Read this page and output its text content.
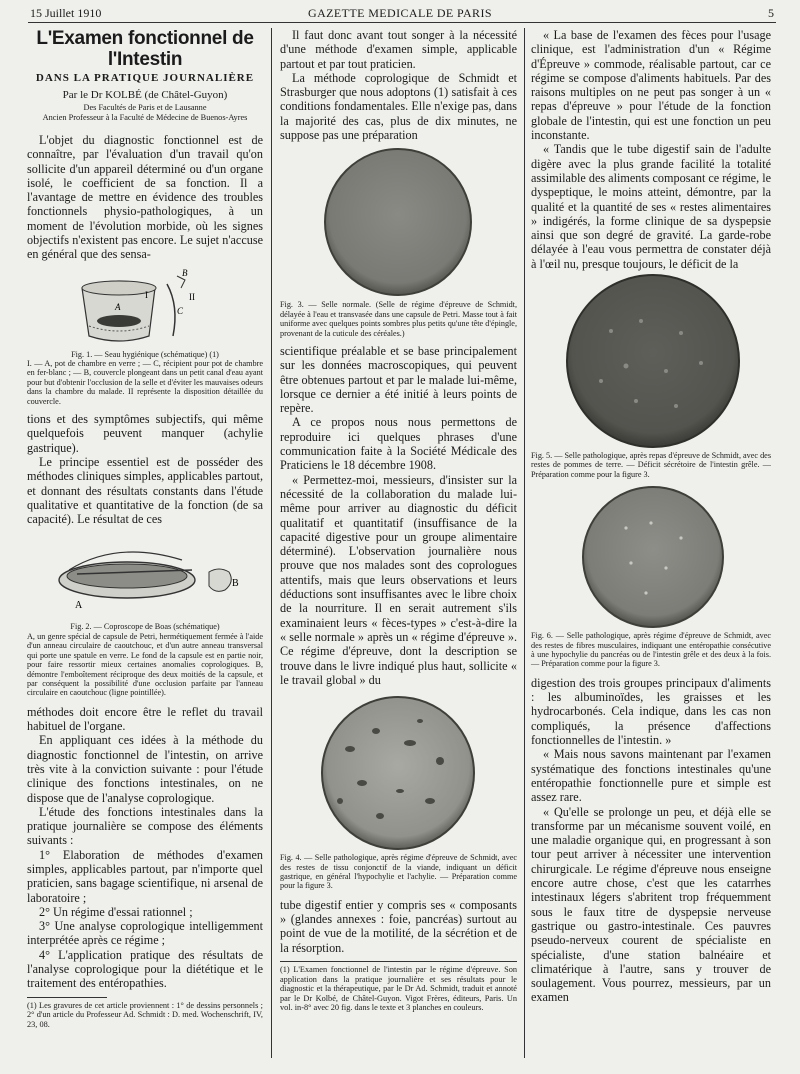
15 Juillet 1910	GAZETTE MEDICALE DE PARIS	5
L'Examen fonctionnel de l'Intestin
DANS LA PRATIQUE JOURNALIÈRE
Par le Dr KOLBÉ (de Châtel-Guyon)
Des Facultés de Paris et de Lausanne
Ancien Professeur à la Faculté de Médecine de Buenos-Ayres

L'objet du diagnostic fonctionnel est de connaître, par l'évaluation d'un travail qu'on sollicite d'un appareil déterminé ou d'un organe isolé, le coefficient de sa fonction. Il a l'avantage de mettre en évidence des troubles fonctionnels physio-pathologiques, à un moment de l'évolution morbide, où les signes objectifs n'existent pas encore. Le sujet n'accuse en général que des sensa-

A
B
C
I	II
Fig. 1. — Seau hygiénique (schématique) (1)
I. — A, pot de chambre en verre ; — C, récipient pour pot de chambre en fer-blanc ; — B, couvercle plongeant dans un petit canal d'eau ayant pour but d'obtenir l'occlusion de la selle et d'éviter les mauvaises odeurs dans la chambre du malade. II représente la disposition détaillée du couvercle.

tions et des symptômes subjectifs, qui même quelquefois peuvent manquer (achylie gastrique).

Le principe essentiel est de posséder des méthodes cliniques simples, applicables partout, et donnant des résultats constants dans l'étude qualitative et quantitative de la fonction (de sa capacité). Le résultat de ces

A
B
Fig. 2. — Coproscope de Boas (schématique)
A, un genre spécial de capsule de Petri, hermétiquement fermée à l'aide d'un anneau circulaire de caoutchouc, et d'un autre anneau transversal qui porte une spatule en verre. Le fond de la capsule est en partie noir, pour faire ressortir mieux certaines anomalies coprologiques. B, démontre l'emboîtement réciproque des deux moitiés de la capsule, et par conséquent la possibilité d'une occlusion parfaite par l'anneau circulaire en caoutchouc (ligne pointillée).

méthodes doit encore être le reflet du travail habituel de l'organe.

En appliquant ces idées à la méthode du diagnostic fonctionnel de l'intestin, on arrive très vite à la conviction suivante : pour l'étude clinique des fonctions intestinales, on ne dispose que de l'analyse coprologique.

L'étude des fonctions intestinales dans la pratique journalière se compose des éléments suivants :

1° Elaboration de méthodes d'examen simples, applicables partout, par n'importe quel praticien, sans bagage scientifique, ni arsenal de laboratoire ;

2° Un régime d'essai rationnel ;

3° Une analyse coprologique intelligemment interprétée après ce régime ;

4° L'application pratique des résultats de l'analyse coprologique pour la diététique et le traitement des entéropathies.

(1) Les gravures de cet article proviennent : 1° de dessins personnels ; 2° d'un article du Professeur Ad. Schmidt : D. med. Wochenschrift, IV, 23, 08.

Il faut donc avant tout songer à la nécessité d'une méthode d'examen simple, applicable partout et par tout praticien.

La méthode coprologique de Schmidt et Strasburger que nous adoptons (1) satisfait à ces conditions fondamentales. Elle n'exige pas, dans la majorité des cas, plus de dix minutes, ne suppose pas une préparation

Fig. 3. — Selle normale. (Selle de régime d'épreuve de Schmidt, délayée à l'eau et transvasée dans une capsule de Petri. Masse tout à fait uniforme avec quelques points sombres plus petits qu'une tête d'épingle, provenant de la cuticule des céréales.)

scientifique préalable et se base principalement sur les données macroscopiques, qui peuvent être obtenues partout et par le malade lui-même, lorsque ce dernier a été initié à leurs points de repère.

A ce propos nous nous permettons de reproduire ici quelques phrases d'une communication faite à la Société Médicale des Praticiens le 18 décembre 1908.

« Permettez-moi, messieurs, d'insister sur la nécessité de la collaboration du malade lui-même pour arriver au diagnostic du déficit qualitatif et quantitatif (insuffisance de la capacité digestive pour un groupe alimentaire déterminé). L'observation journalière nous prouve que nos malades sont des coprologues attentifs, mais que leurs observations et leurs déductions sont insuffisantes avec le libre choix de la nourriture. Il en serait autrement s'ils examinaient leurs « fèces-types » c'est-à-dire la « selle normale » après un « régime d'épreuve ». Ce régime d'épreuve, dont la description se trouve dans le livre indiqué plus haut, sollicite « le travail global » du

Fig. 4. — Selle pathologique, après régime d'épreuve de Schmidt, avec des restes de tissu conjonctif de la viande, indiquant un déficit gastrique, en général l'hypochylie et l'achylie. — Préparation comme pour la figure 3.

tube digestif entier y compris ses « composants » (glandes annexes : foie, pancréas) surtout au point de vue de la motilité, de la sécrétion et de la résorption.

(1) L'Examen fonctionnel de l'intestin par le régime d'épreuve. Son application dans la pratique journalière et ses résultats pour le diagnostic et la thérapeutique, par le Dr Ad. Schmidt, traduit et annoté par le Dr Kolbé, de Châtel-Guyon. Vigot Frères, éditeurs, Paris. Un vol. in-8° avec 20 fig. dans le texte et 3 planches en couleurs.

« La base de l'examen des fèces pour l'usage clinique, est l'administration d'un « Régime d'Épreuve » commode, réalisable partout, car ce régime se compose d'aliments habituels. Par des raisons multiples on ne peut pas songer à un « repas d'épreuve » pour l'étude de la fonction globale de l'intestin, qui est une fonction un peu inconstante.

« Tandis que le tube digestif sain de l'adulte digère avec la plus grande facilité la totalité assimilable des aliments composant ce régime, le dyspeptique, le moins atteint, démontre, par la qualité et la quantité de ses « restes alimentaires » indigérés, la forme clinique de sa dyspepsie ainsi que son degré de gravité. La garde-robe délayée à l'eau vous permettra de constater déjà à l'œil nu, presque toujours, le déficit de la

Fig. 5. — Selle pathologique, après repas d'épreuve de Schmidt, avec des restes de pommes de terre. — Déficit sécrétoire de l'intestin grêle. — Préparation comme pour la figure 3.
Fig. 6. — Selle pathologique, après régime d'épreuve de Schmidt, avec des restes de fibres musculaires, indiquant une entéropathie consécutive à une hypochylie du pancréas ou de l'intestin grêle et des deux à la fois. — Préparation comme pour la figure 3.

digestion des trois groupes principaux d'aliments : les albuminoïdes, les graisses et les hydrocarbonés. Cela indique, dans les cas non compliqués, la présence d'affections fonctionnelles de l'intestin. »

« Mais nous savons maintenant par l'examen systématique des fonctions intestinales qu'une entéropathie fonctionnelle pure et simple est assez rare.

« Qu'elle se prolonge un peu, et déjà elle se transforme par un mécanisme souvent voilé, en une maladie organique qui, en progressant à son tour peut arriver à nécessiter une intervention chirurgicale. Le régime d'épreuve nous enseigne encore autre chose, c'est que les catarrhes intestinaux légers s'abritent trop fréquemment sous le faux titre de dyspepsie nerveuse gastrique ou gastro-intestinale. Ces pauvres pseudo-nerveux courent de spécialiste en spécialiste, d'une station balnéaire et climatérique à l'autre, sans y trouver de soulagement. Vous pourrez, messieurs, par un examen
